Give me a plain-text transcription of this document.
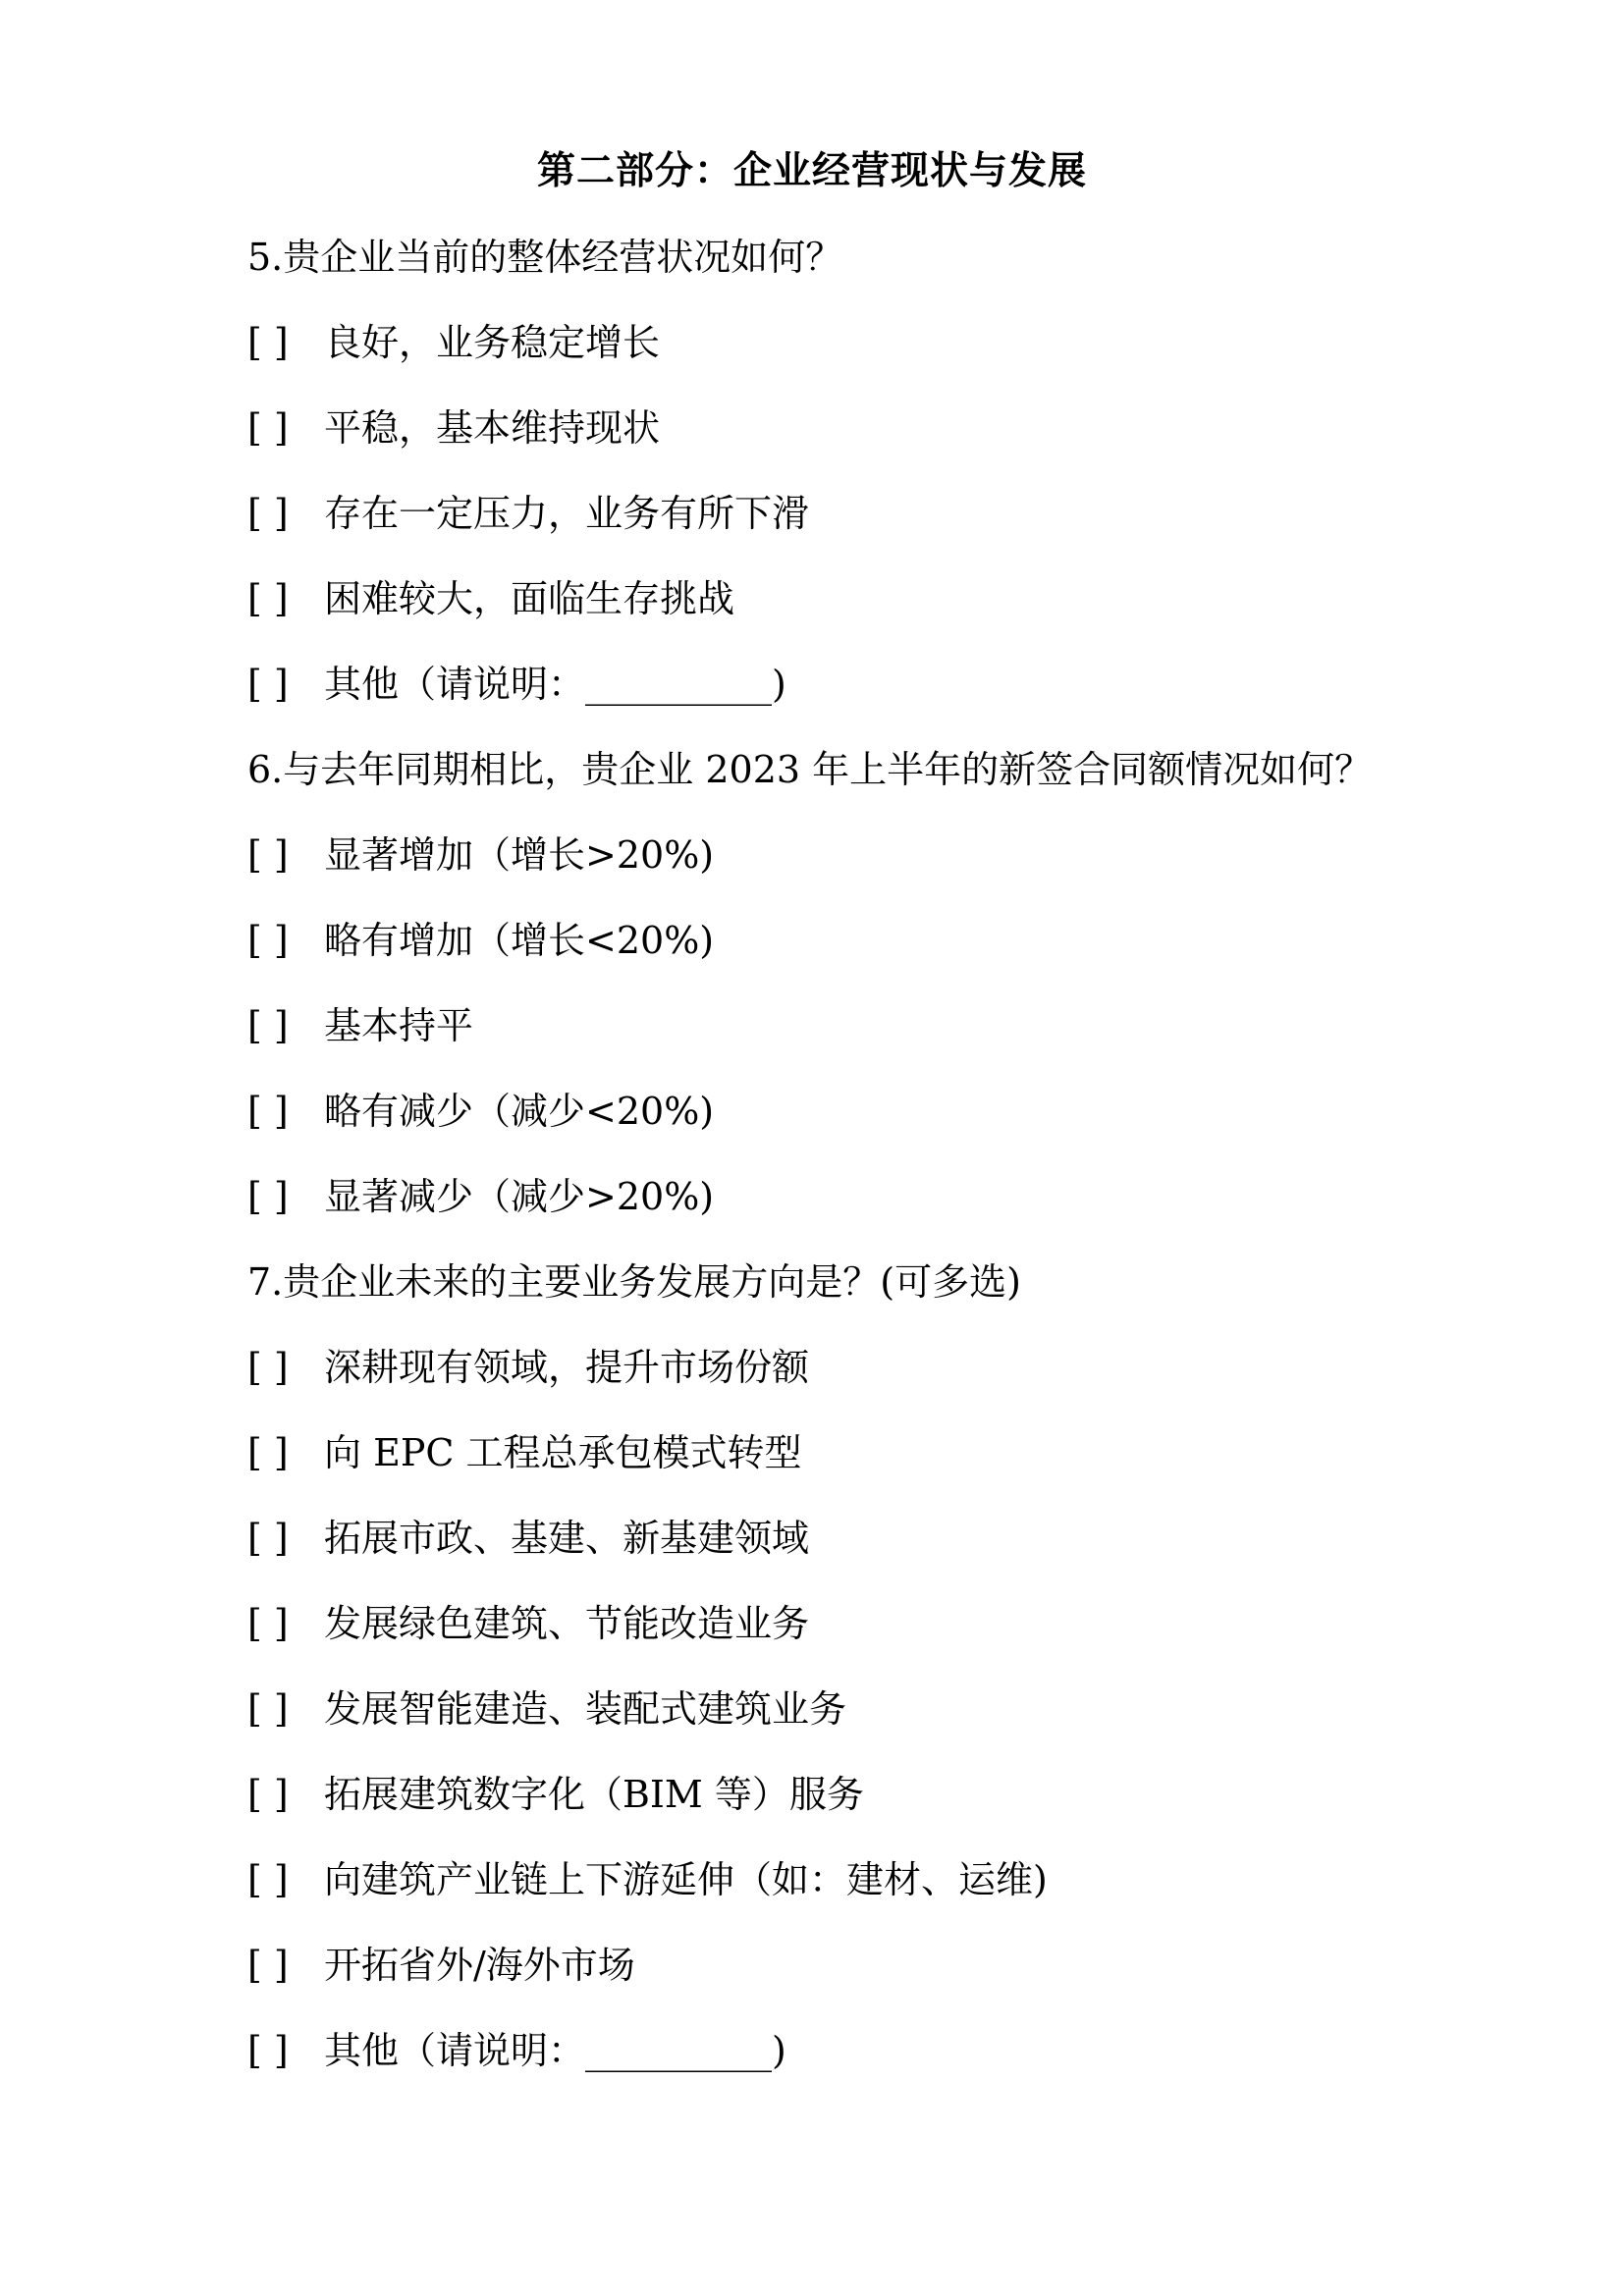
第二部分：企业经营现状与发展
5.贵企业当前的整体经营状况如何？
[ ] 良好，业务稳定增长
[ ] 平稳，基本维持现状
[ ] 存在一定压力，业务有所下滑
[ ] 困难较大，面临生存挑战
[ ] 其他（请说明：__________)
6.与去年同期相比，贵企业 2023 年上半年的新签合同额情况如何？
[ ] 显著增加（增长>20%)
[ ] 略有增加（增长<20%)
[ ] 基本持平
[ ] 略有减少（减少<20%)
[ ] 显著减少（减少>20%)
7.贵企业未来的主要业务发展方向是？(可多选)
[ ] 深耕现有领域，提升市场份额
[ ] 向 EPC 工程总承包模式转型
[ ] 拓展市政、基建、新基建领域
[ ] 发展绿色建筑、节能改造业务
[ ] 发展智能建造、装配式建筑业务
[ ] 拓展建筑数字化（BIM 等）服务
[ ] 向建筑产业链上下游延伸（如：建材、运维)
[ ] 开拓省外/海外市场
[ ] 其他（请说明：__________)
